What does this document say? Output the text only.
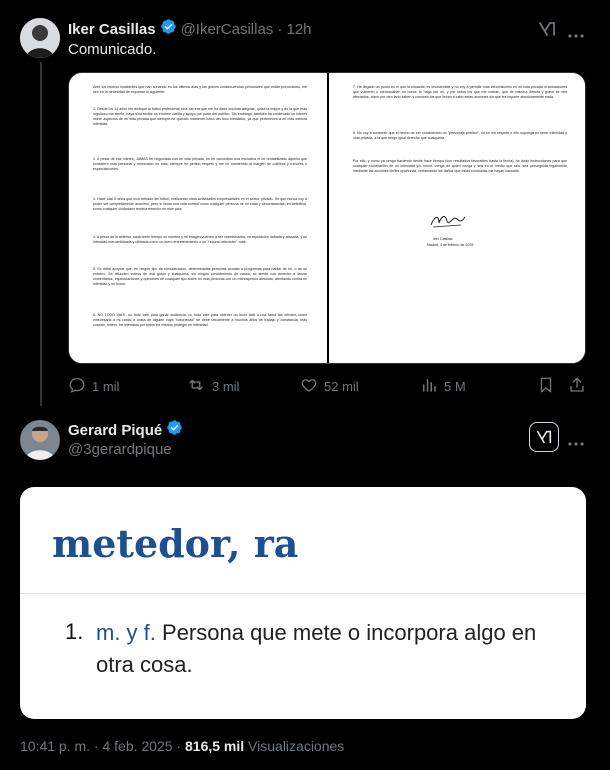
Iker Casillas @IkerCasillas · 12h
Comunicado.
Ante los hechos insistentes que han sonando en los últimos días y las graves consecuencias personales que están provocando, me veo en la necesidad de expresar lo siguiente:
1. Desde los 14 años me dediqué al fútbol profesional, una carrera que me ha dado muchas alegrías, quizá la mayor y de la que más orgulloso me siento, haya sido recibir un enorme cariño y apoyo por parte del público. Sin embargo, también ha conllevado un interés sobre aspectos de mi vida privada que siempre he querido mantener fuera del foco mediático, ya que pertenecen a mi más estricta intimidad.
2. A pesar de ese interés, JAMÁS he negociado con mi vida privada, no he concedido una exclusiva ni he rentabilizado aquello que considero más personal y reservado: es más, siempre he pedido respeto y me he mantenido al margen de cotilleos y rumores o especulaciones.
3. Hace casi 5 años que vivo retirado del fútbol, realizando otras actividades empresariales en el sector privado. Se que nunca voy a poder ser completamente anónimo, pero sí llevar una vida normal como cualquier persona de mi edad y circunstancias; en definitiva, como cualquier ciudadano tendría derecho en este país.
4. A pesar de lo anterior, cada cierto tiempo mi nombre y mi imagen vuelven a ser cuestionados, mi reputación dañada y atacada, y mi intimidad mercantilizada y utilizada como un mero entretenimiento o un "recurso televisivo" más.
5. Es difícil aceptar que, en ningún tipo de consideración, determinadas personas acudan a programas para hablar de mí, o de mi entorno. Se difunden vídeos de mal gusto y cualquiera, sin ningún conocimiento de causa, se siente con derecho a lanzar comentarios, especulaciones y opiniones de cualquier tipo sobre mi vida personal con un menosprecio absoluto, atentando contra mi intimidad y mi honor.
6. NO TODO VALE, no todo vale para ganar audiencia, no todo vale para obtener un lucro fácil o una fama tan efímera como innecesaria a mi costa; a costa de alguien cuya "notoriedad" se debe únicamente a muchos años de trabajo y constancia, más cuando, reitero, he intentado por todos los medios proteger mi intimidad.
7. He llegado un punto en el que la situación es insostenible y no voy a permitir más intromisiones en mi vida privada ni actuaciones que vulneren o menoscaben mi honor, lo hago por mí, y por todos los que me rodean, que de manera directa y grave se ven afectados, como por otro lado saben y conocen los que llevan a cabo estas acciones sin que les importe absolutamente nada.
8. No voy a consentir que el hecho de ser considerado un "personaje público", no se me respete o ello suponga no tener intimidad y vida privada, a la que tengo igual derecho que cualquiera.
Por ello, y como ya vengo haciendo desde hace tiempo (con resultados favorables hasta la fecha), he dado instrucciones para que cualquier vulneración de mi intimidad y/o honor, venga de quien venga y sea en el medio que sea, sea perseguida legalmente mediante las acciones civiles oportunas, reclamando los daños que estas conductas me hayan causado.
Iker Casillas
Madrid, 4 de febrero de 2025
1 mil	3 mil	52 mil	5 M
Gerard Piqué
@3gerardpique
metedor, ra
1. m. y f. Persona que mete o incorpora algo en otra cosa.
10:41 p. m. · 4 feb. 2025 · 816,5 mil Visualizaciones
